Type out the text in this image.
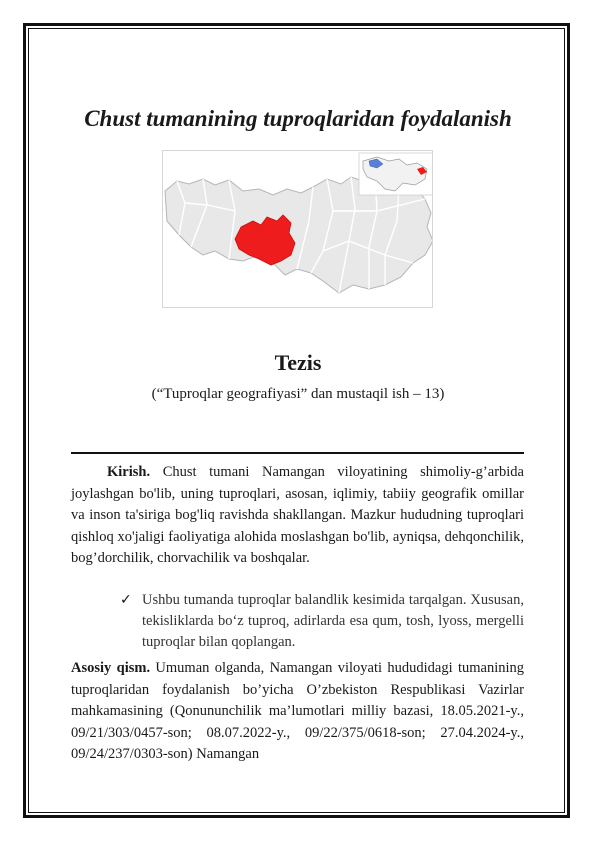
Chust tumanining tuproqlaridan foydalanish
Tezis

(“Tuproqlar geografiyasi” dan mustaqil ish – 13)

Kirish. Chust tumani Namangan viloyatining shimoliy-g’arbida joylashgan bo'lib, uning tuproqlari, asosan, iqlimiy, tabiiy geografik omillar va inson ta'siriga bog'liq ravishda shakllangan. Mazkur hududning tuproqlari qishloq xo'jaligi faoliyatiga alohida moslashgan bo'lib, ayniqsa, dehqonchilik, bog’dorchilik, chorvachilik va boshqalar.

✓ Ushbu tumanda tuproqlar balandlik kesimida tarqalgan. Xususan, tekisliklarda bo‘z tuproq, adirlarda esa qum, tosh, lyoss, mergelli tuproqlar bilan qoplangan.

Asosiy qism. Umuman olganda, Namangan viloyati hududidagi tumanining tuproqlaridan foydalanish bo’yicha O’zbekiston Respublikasi Vazirlar mahkamasining (Qonununchilik ma’lumotlari milliy bazasi, 18.05.2021-y., 09/21/303/0457-son; 08.07.2022-y., 09/22/375/0618-son; 27.04.2024-y., 09/24/237/0303-son) Namangan
